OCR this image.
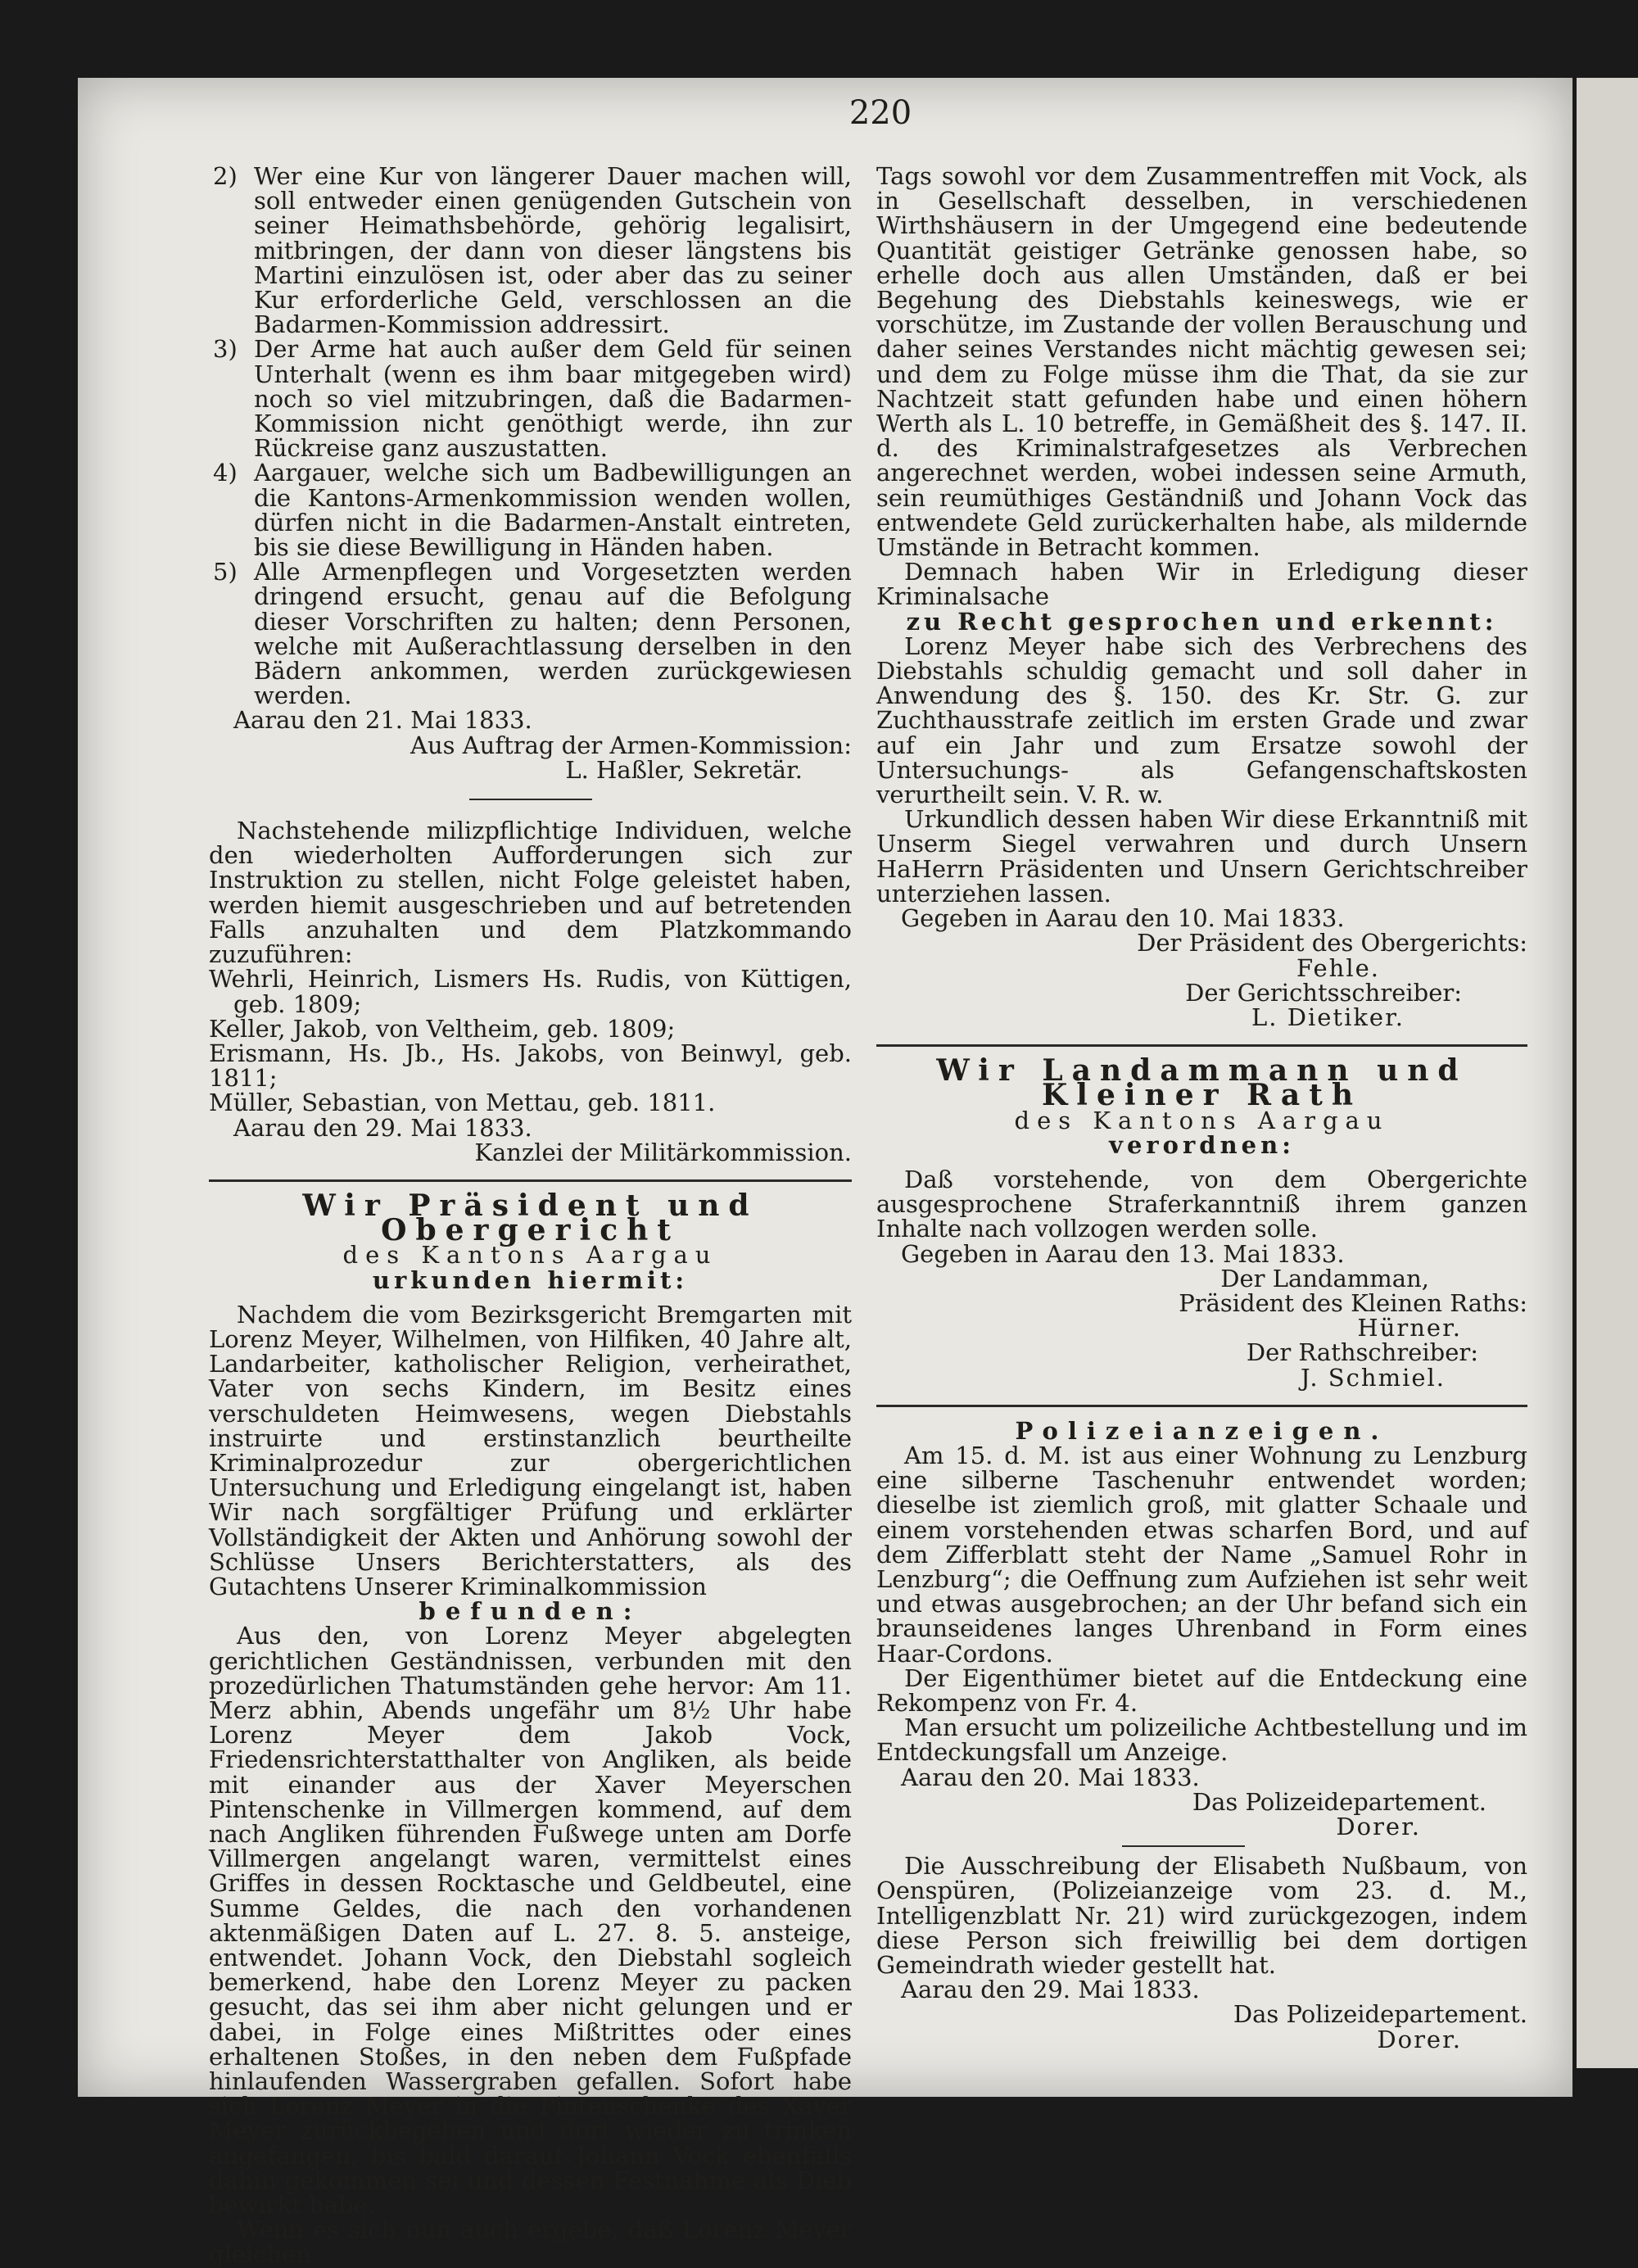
220
2) Wer eine Kur von längerer Dauer machen will, soll entweder einen genügenden Gutschein von seiner Heimathsbehörde, gehörig legalisirt, mitbringen, der dann von dieser längstens bis Martini einzulösen ist, oder aber das zu seiner Kur erforderliche Geld, verschlossen an die Badarmen-Kommission addressirt.
3) Der Arme hat auch außer dem Geld für seinen Unterhalt (wenn es ihm baar mitgegeben wird) noch so viel mitzubringen, daß die Badarmen-Kommission nicht genöthigt werde, ihn zur Rückreise ganz auszustatten.
4) Aargauer, welche sich um Badbewilligungen an die Kantons-Armenkommission wenden wollen, dürfen nicht in die Badarmen-Anstalt eintreten, bis sie diese Bewilligung in Händen haben.
5) Alle Armenpflegen und Vorgesetzten werden dringend ersucht, genau auf die Befolgung dieser Vorschriften zu halten; denn Personen, welche mit Außerachtlassung derselben in den Bädern ankommen, werden zurückgewiesen werden.

Aarau den 21. Mai 1833.

Aus Auftrag der Armen-Kommission:

L. Haßler, Sekretär.

Nachstehende milizpflichtige Individuen, welche den wiederholten Aufforderungen sich zur Instruktion zu stellen, nicht Folge geleistet haben, werden hiemit ausgeschrieben und auf betretenden Falls anzuhalten und dem Platzkommando zuzuführen:

Wehrli, Heinrich, Lismers Hs. Rudis, von Küttigen, geb. 1809;

Keller, Jakob, von Veltheim, geb. 1809;

Erismann, Hs. Jb., Hs. Jakobs, von Beinwyl, geb. 1811;

Müller, Sebastian, von Mettau, geb. 1811.

Aarau den 29. Mai 1833.

Kanzlei der Militärkommission.

Wir Präsident und Obergericht

des Kantons Aargau

urkunden hiermit:

Nachdem die vom Bezirksgericht Bremgarten mit Lorenz Meyer, Wilhelmen, von Hilfiken, 40 Jahre alt, Landarbeiter, katholischer Religion, verheirathet, Vater von sechs Kindern, im Besitz eines verschuldeten Heimwesens, wegen Diebstahls instruirte und erstinstanzlich beurtheilte Kriminalprozedur zur obergerichtlichen Untersuchung und Erledigung eingelangt ist, haben Wir nach sorgfältiger Prüfung und erklärter Vollständigkeit der Akten und Anhörung sowohl der Schlüsse Unsers Berichterstatters, als des Gutachtens Unserer Kriminalkommission

befunden:

Aus den, von Lorenz Meyer abgelegten gerichtlichen Geständnissen, verbunden mit den prozedürlichen Thatumständen gehe hervor: Am 11. Merz abhin, Abends ungefähr um 8½ Uhr habe Lorenz Meyer dem Jakob Vock, Friedensrichterstatthalter von Angliken, als beide mit einander aus der Xaver Meyerschen Pintenschenke in Villmergen kommend, auf dem nach Angliken führenden Fußwege unten am Dorfe Villmergen angelangt waren, vermittelst eines Griffes in dessen Rocktasche und Geldbeutel, eine Summe Geldes, die nach den vorhandenen aktenmäßigen Daten auf L. 27. 8. 5. ansteige, entwendet. Johann Vock, den Diebstahl sogleich bemerkend, habe den Lorenz Meyer zu packen gesucht, das sei ihm aber nicht gelungen und er dabei, in Folge eines Mißtrittes oder eines erhaltenen Stoßes, in den neben dem Fußpfade hinlaufenden Wassergraben gefallen. Sofort habe sich Lorenz Meyer in die Pintenschenke des Xaver Meyer zurückbegeben und dort wieder zu trinken angefangen, bis bald darauf Johann Vock ebenfalls dahin gekommen sei und dessen Festnahme als Dieb bewirkt habe.

Wenn es sich nun auch ergebe, daß Lorenz Meyer gleichen

Tags sowohl vor dem Zusammentreffen mit Vock, als in Gesellschaft desselben, in verschiedenen Wirthshäusern in der Umgegend eine bedeutende Quantität geistiger Getränke genossen habe, so erhelle doch aus allen Umständen, daß er bei Begehung des Diebstahls keineswegs, wie er vorschütze, im Zustande der vollen Berauschung und daher seines Verstandes nicht mächtig gewesen sei; und dem zu Folge müsse ihm die That, da sie zur Nachtzeit statt gefunden habe und einen höhern Werth als L. 10 betreffe, in Gemäßheit des §. 147. II. d. des Kriminalstrafgesetzes als Verbrechen angerechnet werden, wobei indessen seine Armuth, sein reumüthiges Geständniß und Johann Vock das entwendete Geld zurückerhalten habe, als mildernde Umstände in Betracht kommen.

Demnach haben Wir in Erledigung dieser Kriminalsache

zu Recht gesprochen und erkennt:

Lorenz Meyer habe sich des Verbrechens des Diebstahls schuldig gemacht und soll daher in Anwendung des §. 150. des Kr. Str. G. zur Zuchthausstrafe zeitlich im ersten Grade und zwar auf ein Jahr und zum Ersatze sowohl der Untersuchungs- als Gefangenschaftskosten verurtheilt sein. V. R. w.

Urkundlich dessen haben Wir diese Erkanntniß mit Unserm Siegel verwahren und durch Unsern HaHerrn Präsidenten und Unsern Gerichtschreiber unterziehen lassen.

Gegeben in Aarau den 10. Mai 1833.

Der Präsident des Obergerichts:

Fehle.

Der Gerichtsschreiber:

L. Dietiker.

Wir Landammann und Kleiner Rath

des Kantons Aargau

verordnen:

Daß vorstehende, von dem Obergerichte ausgesprochene Straferkanntniß ihrem ganzen Inhalte nach vollzogen werden solle.

Gegeben in Aarau den 13. Mai 1833.

Der Landamman,

Präsident des Kleinen Raths:

Hürner.

Der Rathschreiber:

J. Schmiel.

Polizeianzeigen.

Am 15. d. M. ist aus einer Wohnung zu Lenzburg eine silberne Taschenuhr entwendet worden; dieselbe ist ziemlich groß, mit glatter Schaale und einem vorstehenden etwas scharfen Bord, und auf dem Zifferblatt steht der Name „Samuel Rohr in Lenzburg“; die Oeffnung zum Aufziehen ist sehr weit und etwas ausgebrochen; an der Uhr befand sich ein braunseidenes langes Uhrenband in Form eines Haar-Cordons.

Der Eigenthümer bietet auf die Entdeckung eine Rekompenz von Fr. 4.

Man ersucht um polizeiliche Achtbestellung und im Entdeckungsfall um Anzeige.

Aarau den 20. Mai 1833.

Das Polizeidepartement.

Dorer.

Die Ausschreibung der Elisabeth Nußbaum, von Oenspüren, (Polizeianzeige vom 23. d. M., Intelligenzblatt Nr. 21) wird zurückgezogen, indem diese Person sich freiwillig bei dem dortigen Gemeindrath wieder gestellt hat.

Aarau den 29. Mai 1833.

Das Polizeidepartement.

Dorer.
